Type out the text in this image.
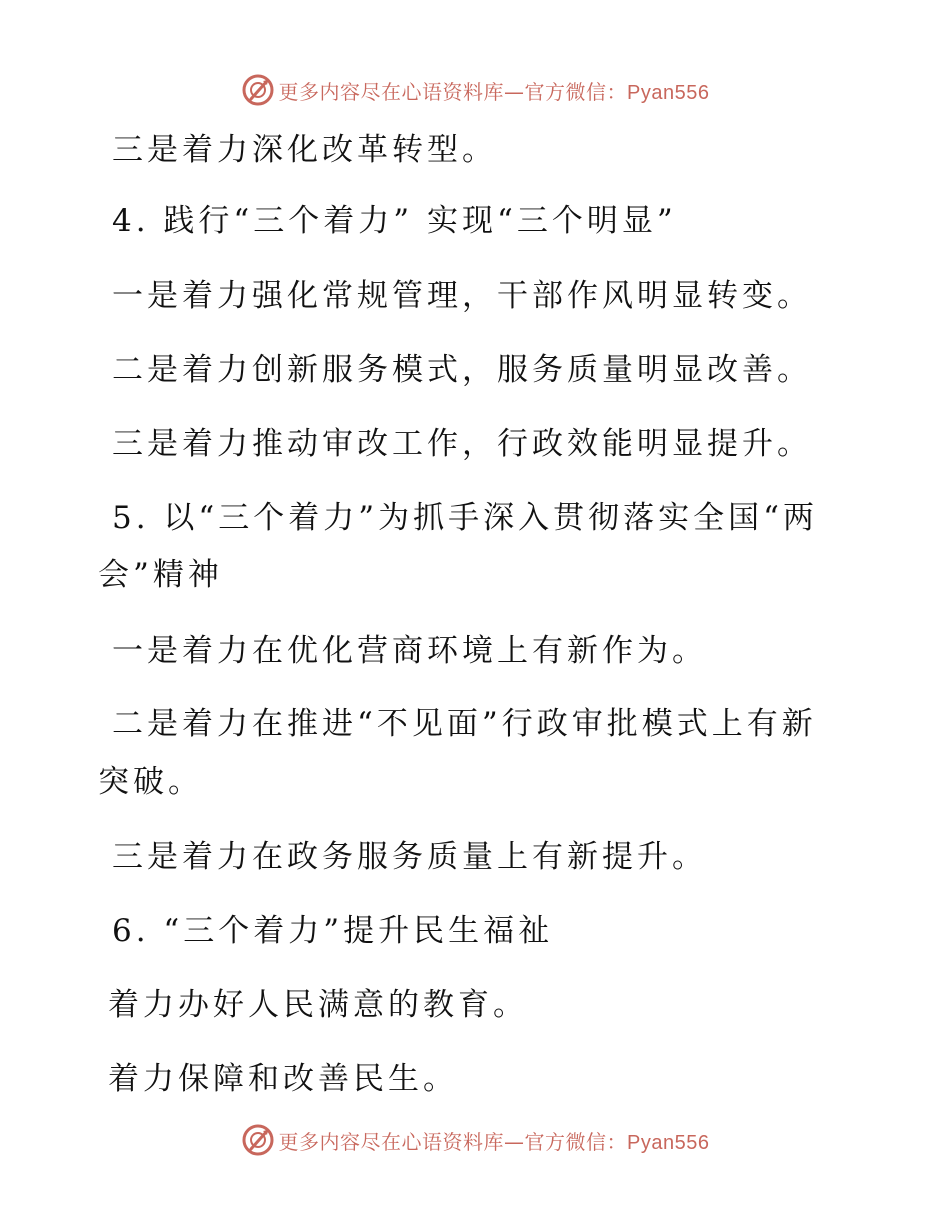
更多内容尽在心语资料库—官方微信：Pyan556
三是着力深化改革转型。
4. 践行“三个着力” 实现“三个明显”
一是着力强化常规管理，干部作风明显转变。
二是着力创新服务模式，服务质量明显改善。
三是着力推动审改工作，行政效能明显提升。
5. 以“三个着力”为抓手深入贯彻落实全国“两
会”精神
一是着力在优化营商环境上有新作为。
二是着力在推进“不见面”行政审批模式上有新
突破。
三是着力在政务服务质量上有新提升。
6. “三个着力”提升民生福祉
着力办好人民满意的教育。
着力保障和改善民生。
更多内容尽在心语资料库—官方微信：Pyan556
